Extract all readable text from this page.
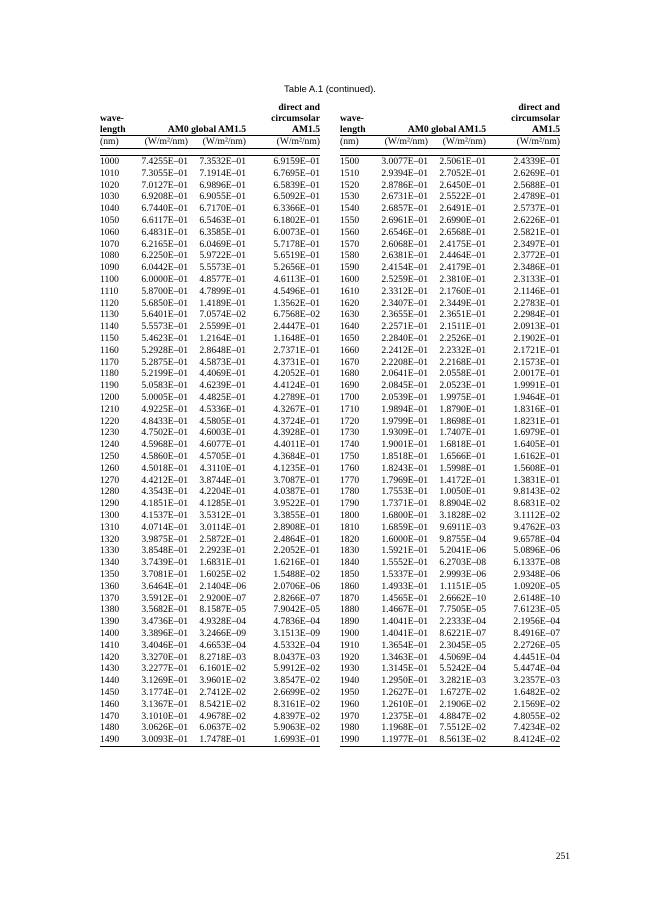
Table A.1 (continued).
			direct and
wave-			circumsolar
length	AM0 global AM1.5		AM1.5
(nm)	(W/m²/nm)	(W/m²/nm)	(W/m²/nm)

1000	7.4255E–01	7.3532E–01	6.9159E–01
1010	7.3055E–01	7.1914E–01	6.7695E–01
1020	7.0127E–01	6.9896E–01	6.5839E–01
1030	6.9208E–01	6.9055E–01	6.5092E–01
1040	6.7440E–01	6.7170E–01	6.3366E–01
1050	6.6117E–01	6.5463E–01	6.1802E–01
1060	6.4831E–01	6.3585E–01	6.0073E–01
1070	6.2165E–01	6.0469E–01	5.7178E–01
1080	6.2250E–01	5.9722E–01	5.6519E–01
1090	6.0442E–01	5.5573E–01	5.2656E–01
1100	6.0000E–01	4.8577E–01	4.6113E–01
1110	5.8700E–01	4.7899E–01	4.5496E–01
1120	5.6850E–01	1.4189E–01	1.3562E–01
1130	5.6401E–01	7.0574E–02	6.7568E–02
1140	5.5573E–01	2.5599E–01	2.4447E–01
1150	5.4623E–01	1.2164E–01	1.1648E–01
1160	5.2928E–01	2.8648E–01	2.7371E–01
1170	5.2875E–01	4.5873E–01	4.3731E–01
1180	5.2199E–01	4.4069E–01	4.2052E–01
1190	5.0583E–01	4.6239E–01	4.4124E–01
1200	5.0005E–01	4.4825E–01	4.2789E–01
1210	4.9225E–01	4.5336E–01	4.3267E–01
1220	4.8433E–01	4.5805E–01	4.3724E–01
1230	4.7502E–01	4.6003E–01	4.3928E–01
1240	4.5968E–01	4.6077E–01	4.4011E–01
1250	4.5860E–01	4.5705E–01	4.3684E–01
1260	4.5018E–01	4.3110E–01	4.1235E–01
1270	4.4212E–01	3.8744E–01	3.7087E–01
1280	4.3543E–01	4.2204E–01	4.0387E–01
1290	4.1851E–01	4.1285E–01	3.9522E–01
1300	4.1537E–01	3.5312E–01	3.3855E–01
1310	4.0714E–01	3.0114E–01	2.8908E–01
1320	3.9875E–01	2.5872E–01	2.4864E–01
1330	3.8548E–01	2.2923E–01	2.2052E–01
1340	3.7439E–01	1.6831E–01	1.6216E–01
1350	3.7081E–01	1.6025E–02	1.5488E–02
1360	3.6464E–01	2.1404E–06	2.0706E–06
1370	3.5912E–01	2.9200E–07	2.8266E–07
1380	3.5682E–01	8.1587E–05	7.9042E–05
1390	3.4736E–01	4.9328E–04	4.7836E–04
1400	3.3896E–01	3.2466E–09	3.1513E–09
1410	3.4046E–01	4.6653E–04	4.5332E–04
1420	3.3270E–01	8.2718E–03	8.0437E–03
1430	3.2277E–01	6.1601E–02	5.9912E–02
1440	3.1269E–01	3.9601E–02	3.8547E–02
1450	3.1774E–01	2.7412E–02	2.6699E–02
1460	3.1367E–01	8.5421E–02	8.3161E–02
1470	3.1010E–01	4.9678E–02	4.8397E–02
1480	3.0626E–01	6.0637E–02	5.9063E–02
1490	3.0093E–01	1.7478E–01	1.6993E–01
			direct and
wave-			circumsolar
length	AM0 global AM1.5		AM1.5
(nm)	(W/m²/nm)	(W/m²/nm)	(W/m²/nm)

1500	3.0077E–01	2.5061E–01	2.4339E–01
1510	2.9394E–01	2.7052E–01	2.6269E–01
1520	2.8786E–01	2.6450E–01	2.5688E–01
1530	2.6731E–01	2.5522E–01	2.4789E–01
1540	2.6857E–01	2.6491E–01	2.5737E–01
1550	2.6961E–01	2.6990E–01	2.6226E–01
1560	2.6546E–01	2.6568E–01	2.5821E–01
1570	2.6068E–01	2.4175E–01	2.3497E–01
1580	2.6381E–01	2.4464E–01	2.3772E–01
1590	2.4154E–01	2.4179E–01	2.3486E–01
1600	2.5259E–01	2.3810E–01	2.3133E–01
1610	2.3312E–01	2.1760E–01	2.1146E–01
1620	2.3407E–01	2.3449E–01	2.2783E–01
1630	2.3655E–01	2.3651E–01	2.2984E–01
1640	2.2571E–01	2.1511E–01	2.0913E–01
1650	2.2840E–01	2.2526E–01	2.1902E–01
1660	2.2412E–01	2.2332E–01	2.1721E–01
1670	2.2208E–01	2.2168E–01	2.1573E–01
1680	2.0641E–01	2.0558E–01	2.0017E–01
1690	2.0845E–01	2.0523E–01	1.9991E–01
1700	2.0539E–01	1.9975E–01	1.9464E–01
1710	1.9894E–01	1.8790E–01	1.8316E–01
1720	1.9799E–01	1.8698E–01	1.8231E–01
1730	1.9309E–01	1.7407E–01	1.6979E–01
1740	1.9001E–01	1.6818E–01	1.6405E–01
1750	1.8518E–01	1.6566E–01	1.6162E–01
1760	1.8243E–01	1.5998E–01	1.5608E–01
1770	1.7969E–01	1.4172E–01	1.3831E–01
1780	1.7553E–01	1.0050E–01	9.8143E–02
1790	1.7371E–01	8.8904E–02	8.6831E–02
1800	1.6800E–01	3.1828E–02	3.1112E–02
1810	1.6859E–01	9.6911E–03	9.4762E–03
1820	1.6000E–01	9.8755E–04	9.6578E–04
1830	1.5921E–01	5.2041E–06	5.0896E–06
1840	1.5552E–01	6.2703E–08	6.1337E–08
1850	1.5337E–01	2.9993E–06	2.9348E–06
1860	1.4933E–01	1.1151E–05	1.0920E–05
1870	1.4565E–01	2.6662E–10	2.6148E–10
1880	1.4667E–01	7.7505E–05	7.6123E–05
1890	1.4041E–01	2.2333E–04	2.1956E–04
1900	1.4041E–01	8.6221E–07	8.4916E–07
1910	1.3654E–01	2.3045E–05	2.2726E–05
1920	1.3463E–01	4.5069E–04	4.4451E–04
1930	1.3145E–01	5.5242E–04	5.4474E–04
1940	1.2950E–01	3.2821E–03	3.2357E–03
1950	1.2627E–01	1.6727E–02	1.6482E–02
1960	1.2610E–01	2.1906E–02	2.1569E–02
1970	1.2375E–01	4.8847E–02	4.8055E–02
1980	1.1968E–01	7.5512E–02	7.4234E–02
1990	1.1977E–01	8.5613E–02	8.4124E–02
251
